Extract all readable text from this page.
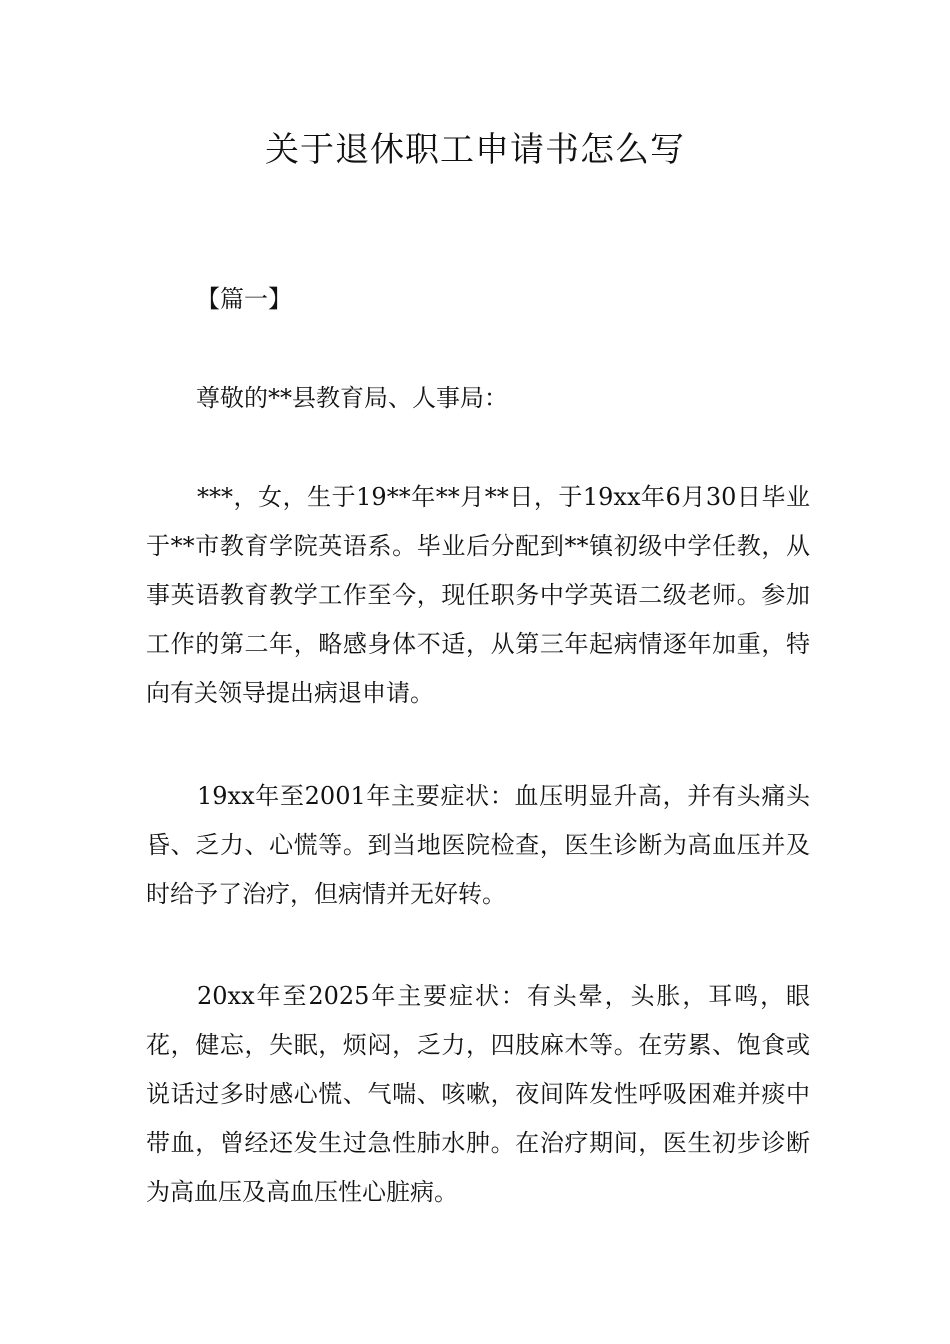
关于退休职工申请书怎么写
【篇一】
尊敬的**县教育局、人事局：

***，女，生于19**年**月**日，于19xx年6月30日毕业于**市教育学院英语系。毕业后分配到**镇初级中学任教，从事英语教育教学工作至今，现任职务中学英语二级老师。参加工作的第二年，略感身体不适，从第三年起病情逐年加重，特向有关领导提出病退申请。

19xx年至2001年主要症状：血压明显升高，并有头痛头昏、乏力、心慌等。到当地医院检查，医生诊断为高血压并及时给予了治疗，但病情并无好转。

20xx年至2025年主要症状：有头晕，头胀，耳鸣，眼花，健忘，失眠，烦闷，乏力，四肢麻木等。在劳累、饱食或说话过多时感心慌、气喘、咳嗽，夜间阵发性呼吸困难并痰中带血，曾经还发生过急性肺水肿。在治疗期间，医生初步诊断为高血压及高血压性心脏病。
